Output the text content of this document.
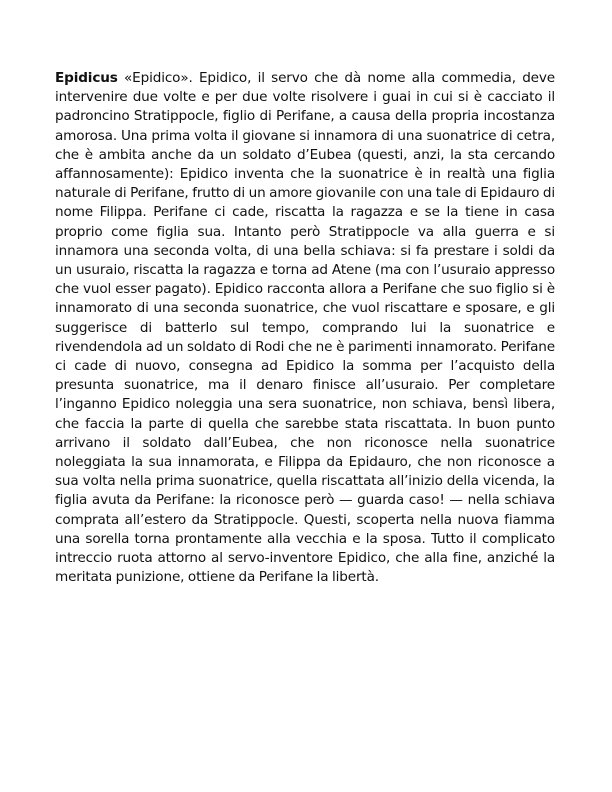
Epidicus «Epidico». Epidico, il servo che dà nome alla commedia, deve intervenire due volte e per due volte risolvere i guai in cui si è cacciato il padroncino Stratippocle, figlio di Perifane, a causa della propria incostanza amorosa. Una prima volta il giovane si innamora di una suonatrice di cetra, che è ambita anche da un soldato d’Eubea (questi, anzi, la sta cercando affannosamente): Epidico inventa che la suonatrice è in realtà una figlia naturale di Perifane, frutto di un amore giovanile con una tale di Epidauro di nome Filippa. Perifane ci cade, riscatta la ragazza e se la tiene in casa proprio come figlia sua. Intanto però Stratippocle va alla guerra e si innamora una seconda volta, di una bella schiava: si fa prestare i soldi da un usuraio, riscatta la ragazza e torna ad Atene (ma con l’usuraio appresso che vuol esser pagato). Epidico racconta allora a Perifane che suo figlio si è innamorato di una seconda suonatrice, che vuol riscattare e sposare, e gli suggerisce di batterlo sul tempo, comprando lui la suonatrice e rivendendola ad un soldato di Rodi che ne è parimenti innamorato. Perifane ci cade di nuovo, consegna ad Epidico la somma per l’acquisto della presunta suonatrice, ma il denaro finisce all’usuraio. Per completare l’inganno Epidico noleggia una sera suonatrice, non schiava, bensì libera, che faccia la parte di quella che sarebbe stata riscattata. In buon punto arrivano il soldato dall’Eubea, che non riconosce nella suonatrice noleggiata la sua innamorata, e Filippa da Epidauro, che non riconosce a sua volta nella prima suonatrice, quella riscattata all’inizio della vicenda, la figlia avuta da Perifane: la riconosce però — guarda caso! — nella schiava comprata all’estero da Stratippocle. Questi, scoperta nella nuova fiamma una sorella torna prontamente alla vecchia e la sposa. Tutto il complicato intreccio ruota attorno al servo-inventore Epidico, che alla fine, anziché la meritata punizione, ottiene da Perifane la libertà.
